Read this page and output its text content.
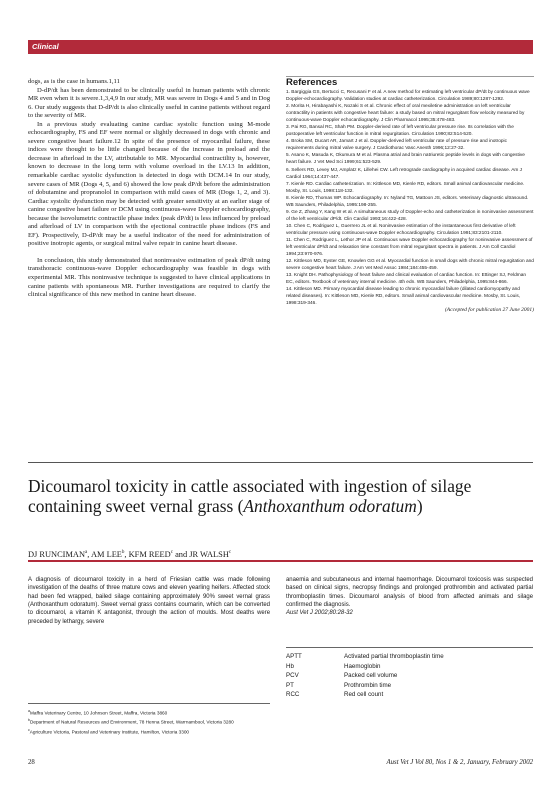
Clinical

dogs, as is the case in humans.1,11

D-dP/dt has been demonstrated to be clinically useful in human patients with chronic MR even when it is severe.1,3,4,9 In our study, MR was severe in Dogs 4 and 5 and in Dog 6. Our study suggests that D-dP/dt is also clinically useful in canine patients without regard to the severity of MR.

In a previous study evaluating canine cardiac systolic function using M-mode echocardiography, FS and EF were normal or slightly decreased in dogs with chronic and severe congestive heart failure.12 In spite of the presence of myocardial failure, these indices were thought to be little changed because of the increase in preload and the decrease in afterload in the LV, attributable to MR. Myocardial contractility is, however, known to decrease in the long term with volume overload in the LV.13 In addition, remarkable cardiac systolic dysfunction is detected in dogs with DCM.14 In our study, severe cases of MR (Dogs 4, 5, and 6) showed the low peak dP/dt before the administration of dobutamine and propranolol in comparison with mild cases of MR (Dogs 1, 2, and 3). Cardiac systolic dysfunction may be detected with greater sensitivity at an earlier stage of canine congestive heart failure or DCM using continuous-wave Doppler echocardiography, because the isovolumetric contractile phase index (peak dP/dt) is less influenced by preload and afterload of LV in comparison with the ejectional contractile phase indices (FS and EF). Prospectively, D-dP/dt may be a useful indicator of the need for administration of positive inotropic agents, or surgical mitral valve repair in canine heart disease.

In conclusion, this study demonstrated that noninvasive estimation of peak dP/dt using transthoracic continuous-wave Doppler echocardiography was feasible in dogs with experimental MR. This noninvasive technique is suggested to have clinical applications in canine patients with spontaneous MR. Further investigations are required to clarify the clinical significance of this new method in canine heart disease.

References
1. Bargiggia GS, Bertucci C, Recusani F et al. A new method for estimating left ventricular dP/dt by continuous wave Doppler-echocardiography. Validation studies at cardiac catheterization. Circulation 1989;80:1287-1292.
2. Morita H, Hirabayashi K, Nozaki S et al. Chronic effect of oral mexiletine administration on left ventricular contractility in patients with congestive heart failure: a study based on mitral regurgitant flow velocity measured by continuous-wave Doppler echocardiography. J Clin Pharmacol 1995;35:478-483.
3. Pai RG, Bansal RC, Shah PM. Doppler-derived rate of left ventricular pressure rise. Its correlation with the postoperative left ventricular function in mitral regurgitation. Circulation 1990;82:514-520.
4. Broka SM, Ducart AR, Jamart J et al. Doppler-derived left ventricular rate of pressure rise and inotropic requirements during mitral valve surgery. J Cardiothorac Vasc Anesth 1996;12:27-32.
5. Asano K, Masuda K, Okumura M et al. Plasma atrial and brain natriuretic peptide levels in dogs with congestive heart failure. J Vet Med Sci 1999;61:523-529.
6. Sellers RD, Levey MJ, Amplatz K, Lillehei CW. Left retrograde cardiography in acquired cardiac disease. Am J Cardiol 1964;14:437-447.
7. Kienle RD. Cardiac catheterization. In: Kittleson MD, Kienle RD, editors. Small animal cardiovascular medicine. Mosby, St. Louis, 1998:118-132.
8. Kienle RD, Thomas WP. Echocardiography. In: Nyland TG, Mattoon JS, editors. Veterinary diagnostic ultrasound. WB Saunders, Philadelphia, 1995:198-255.
9. Ge Z, Zhang Y, Kang W et al. A simultaneous study of Doppler-echo and catheterization in noninvasive assessment of the left ventricular dP/dt. Clin Cardiol 1993;16:422-428.
10. Chen C, Rodriguez L, Guerrero JL et al. Noninvasive estimation of the instantaneous first derivative of left ventricular pressure using continuous-wave Doppler echocardiography. Circulation 1991;83:2101-2110.
11. Chen C, Rodriguez L, Lethor JP et al. Continuous wave Doppler echocardiography for noninvasive assessment of left ventricular dP/dt and relaxation time constant from mitral regurgitant spectra in patients. J Am Coll Cardiol 1994;23:970-976.
12. Kittleson MD, Eyster GE, Knowlen GG et al. Myocardial function in small dogs with chronic mitral regurgitation and severe congestive heart failure. J Am Vet Med Assoc 1984;184:455-459.
13. Knight DH. Pathophysiology of heart failure and clinical evaluation of cardiac function. In: Ettinger SJ, Feldman EC, editors. Textbook of veterinary internal medicine. 4th edn. WB Saunders, Philadelphia, 1995:844-866.
14. Kittleson MD. Primary myocardial disease leading to chronic myocardial failure (dilated cardiomyopathy and related diseases). In: Kittleson MD, Kienle RD, editors. Small animal cardiovascular medicine. Mosby, St. Louis, 1998:319-346.
(Accepted for publication 27 June 2001)
Dicoumarol toxicity in cattle associated with ingestion of silage containing sweet vernal grass (Anthoxanthum odoratum)
DJ RUNCIMAN$^a$, AM LEE$^b$, KFM REED$^c$ and JR WALSH$^c$
A diagnosis of dicoumarol toxicity in a herd of Friesian cattle was made following investigation of the deaths of three mature cows and eleven yearling heifers. Affected stock had been fed wrapped, bailed silage containing approximately 90% sweet vernal grass (Anthoxanthum odoratum). Sweet vernal grass contains coumarin, which can be converted to dicoumarol, a vitamin K antagonist, through the action of moulds. Most deaths were preceded by lethargy, severe
anaemia and subcutaneous and internal haemorrhage. Dicoumarol toxicosis was suspected based on clinical signs, necropsy findings and prolonged prothrombin and activated partial thromboplastin times. Dicoumarol analysis of blood from affected animals and silage confirmed the diagnosis.
Aust Vet J 2002;80:28-32
$^a$Maffra Veterinary Centre, 10 Johnson Street, Maffra, Victoria 3860
$^b$Department of Natural Resources and Environment, 78 Henna Street, Warrnambool, Victoria 3280
$^c$Agriculture Victoria, Pastoral and Veterinary Institute, Hamilton, Victoria 3300
APTT	Activated partial thromboplastin time
Hb	Haemoglobin
PCV	Packed cell volume
PT	Prothrombin time
RCC	Red cell count
28	Aust Vet J Vol 80, Nos 1 & 2, January, February 2002
